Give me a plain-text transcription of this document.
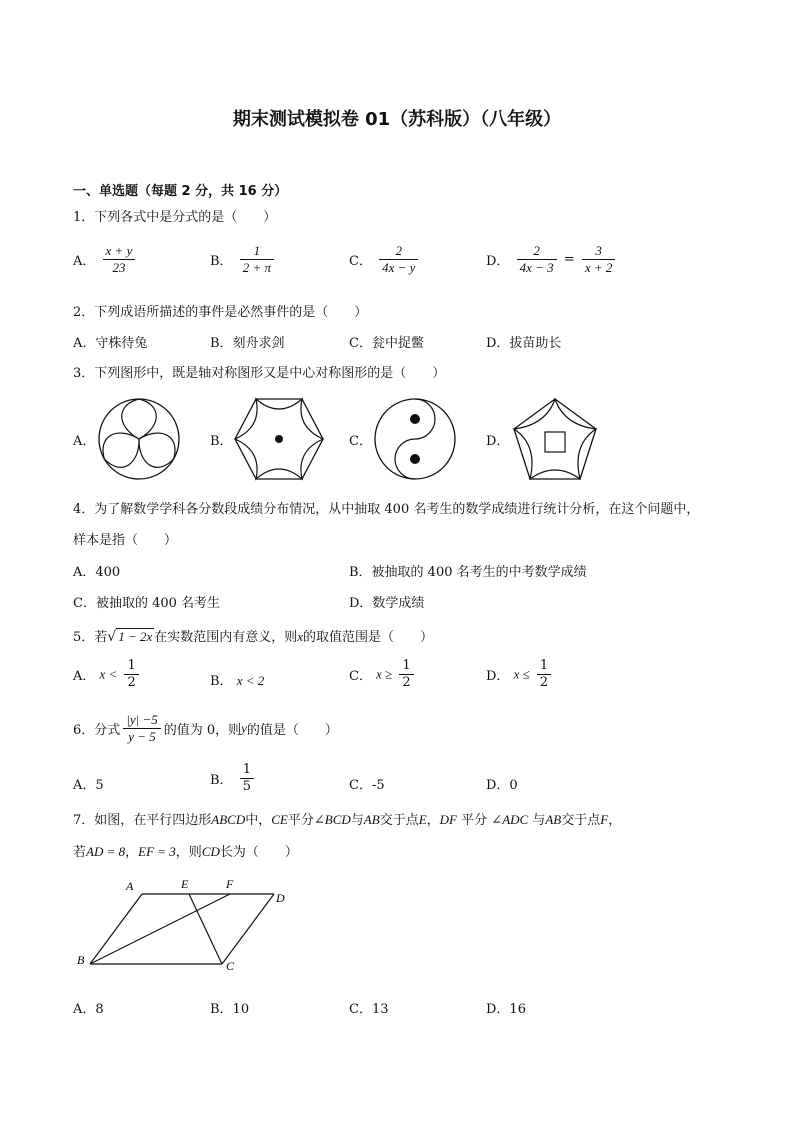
期末测试模拟卷 01（苏科版）（八年级）
一、单选题（每题 2 分，共 16 分）
1．下列各式中是分式的是（　　）
A． $\frac{x + y}{23}$	B． $\frac{1}{2 + \pi}$	C． $\frac{2}{4x - y}$	D． $\frac{2}{4x - 3} = \frac{3}{x + 2}$
2．下列成语所描述的事件是必然事件的是（　　）
A．守株待兔	B．刻舟求剑	C．瓮中捉鳖	D．拔苗助长
3．下列图形中，既是轴对称图形又是中心对称图形的是（　　）
A．	B．	C．	D．
4．为了解数学学科各分数段成绩分布情况，从中抽取 400 名考生的数学成绩进行统计分析，在这个问题中，
样本是指（　　）
A．400	B．被抽取的 400 名考生的中考数学成绩
C．被抽取的 400 名考生	D．数学成绩
5．若√ 1 − 2x 在实数范围内有意义，则x的取值范围是（　　）
A． $x < \frac{1}{2}$	B． x < 2	C． $x \ge \frac{1}{2}$	D． $x \le \frac{1}{2}$
6．分式 $\frac{|y| -5}{y - 5}$ 的值为 0，则y的值是（　　）
A．5	B． $\frac{1}{5}$	C．-5	D．0
7．如图，在平行四边形ABCD中，CE平分∠BCD与AB交于点E，DF 平分 ∠ADC 与AB交于点F，
若AD = 8，EF = 3，则CD长为（　　）
A	E	F
D
B	C
A．8	B．10	C．13	D．16
